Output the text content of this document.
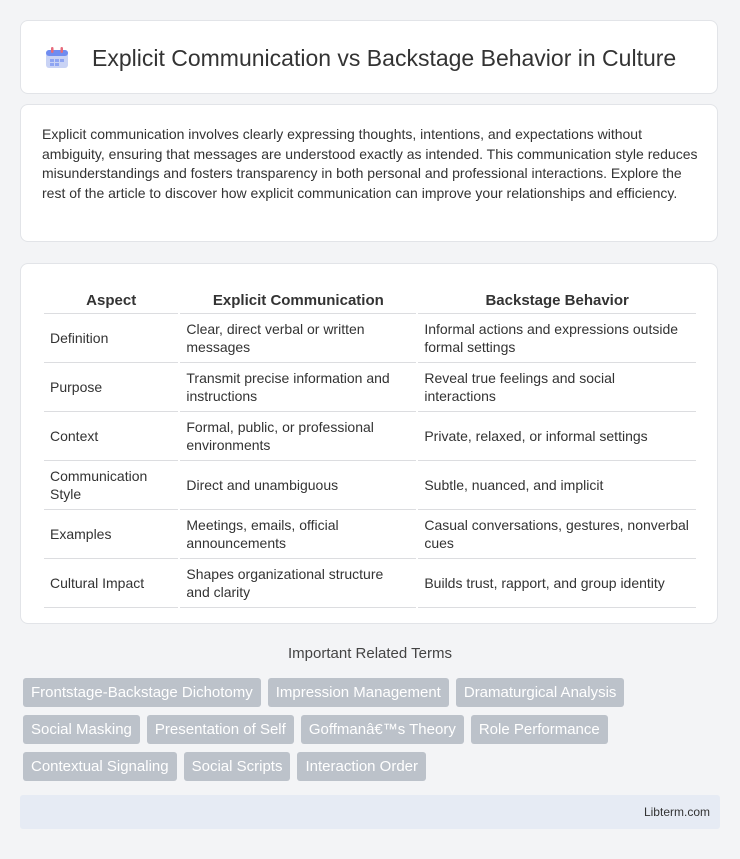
Explicit Communication vs Backstage Behavior in Culture

Explicit communication involves clearly expressing thoughts, intentions, and expectations without ambiguity, ensuring that messages are understood exactly as intended. This communication style reduces misunderstandings and fosters transparency in both personal and professional interactions. Explore the rest of the article to discover how explicit communication can improve your relationships and efficiency.

Aspect	Explicit Communication	Backstage Behavior
Definition	Clear, direct verbal or written messages	Informal actions and expressions outside formal settings
Purpose	Transmit precise information and instructions	Reveal true feelings and social interactions
Context	Formal, public, or professional environments	Private, relaxed, or informal settings
Communication Style	Direct and unambiguous	Subtle, nuanced, and implicit
Examples	Meetings, emails, official announcements	Casual conversations, gestures, nonverbal cues
Cultural Impact	Shapes organizational structure and clarity	Builds trust, rapport, and group identity
Important Related Terms
Frontstage-Backstage Dichotomy	Impression Management	Dramaturgical Analysis
Social Masking	Presentation of Self	Goffmanâ€™s Theory	Role Performance
Contextual Signaling	Social Scripts	Interaction Order
Libterm.com
